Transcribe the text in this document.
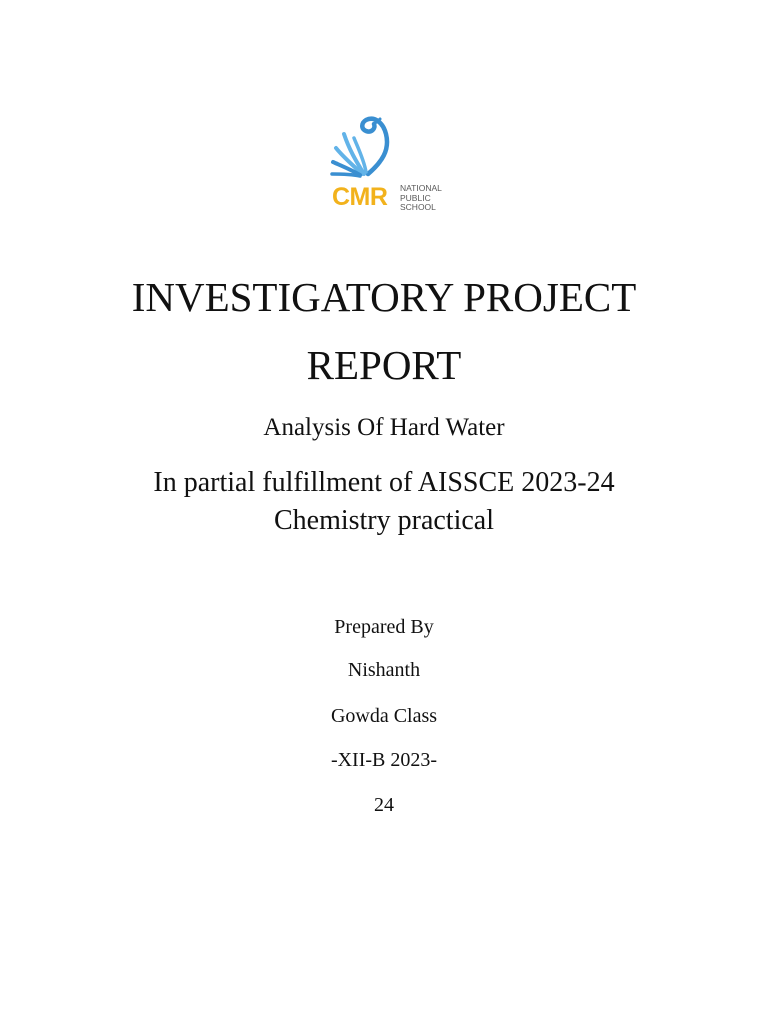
CMR NATIONAL
PUBLIC
SCHOOL
INVESTIGATORY PROJECT
REPORT
Analysis Of Hard Water
In partial fulfillment of AISSCE 2023-24
Chemistry practical
Prepared By
Nishanth
Gowda Class
-XII-B 2023-
24
